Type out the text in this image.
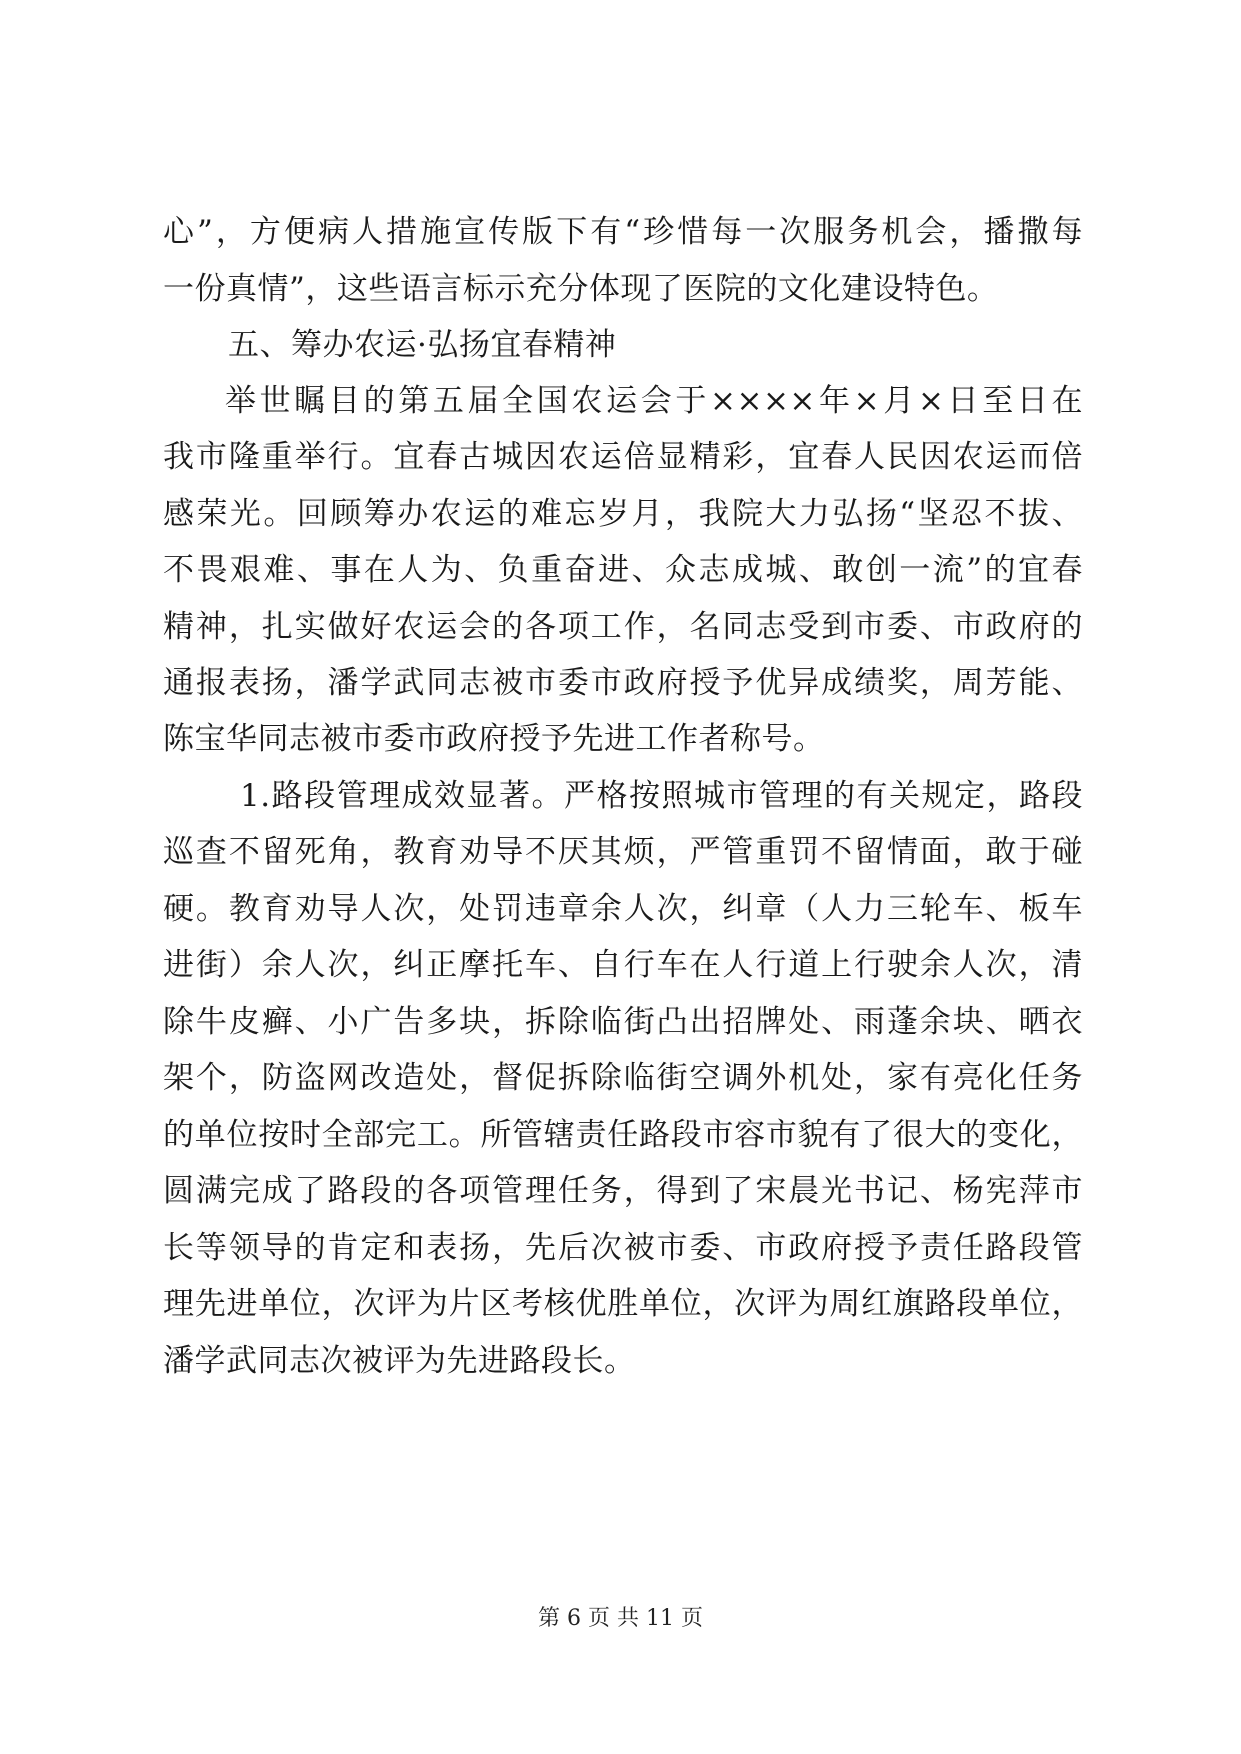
心”，方便病人措施宣传版下有“珍惜每一次服务机会，播撒每
一份真情”，这些语言标示充分体现了医院的文化建设特色。
五、筹办农运·弘扬宜春精神
举世瞩目的第五届全国农运会于××××年×月×日至日在
我市隆重举行。宜春古城因农运倍显精彩，宜春人民因农运而倍
感荣光。回顾筹办农运的难忘岁月，我院大力弘扬“坚忍不拔、
不畏艰难、事在人为、负重奋进、众志成城、敢创一流”的宜春
精神，扎实做好农运会的各项工作，名同志受到市委、市政府的
通报表扬，潘学武同志被市委市政府授予优异成绩奖，周芳能、
陈宝华同志被市委市政府授予先进工作者称号。
1.路段管理成效显著。严格按照城市管理的有关规定，路段
巡查不留死角，教育劝导不厌其烦，严管重罚不留情面，敢于碰
硬。教育劝导人次，处罚违章余人次，纠章（人力三轮车、板车
进街）余人次，纠正摩托车、自行车在人行道上行驶余人次，清
除牛皮癣、小广告多块，拆除临街凸出招牌处、雨蓬余块、晒衣
架个，防盗网改造处，督促拆除临街空调外机处，家有亮化任务
的单位按时全部完工。所管辖责任路段市容市貌有了很大的变化，
圆满完成了路段的各项管理任务，得到了宋晨光书记、杨宪萍市
长等领导的肯定和表扬，先后次被市委、市政府授予责任路段管
理先进单位，次评为片区考核优胜单位，次评为周红旗路段单位，
潘学武同志次被评为先进路段长。
第 6 页 共 11 页
